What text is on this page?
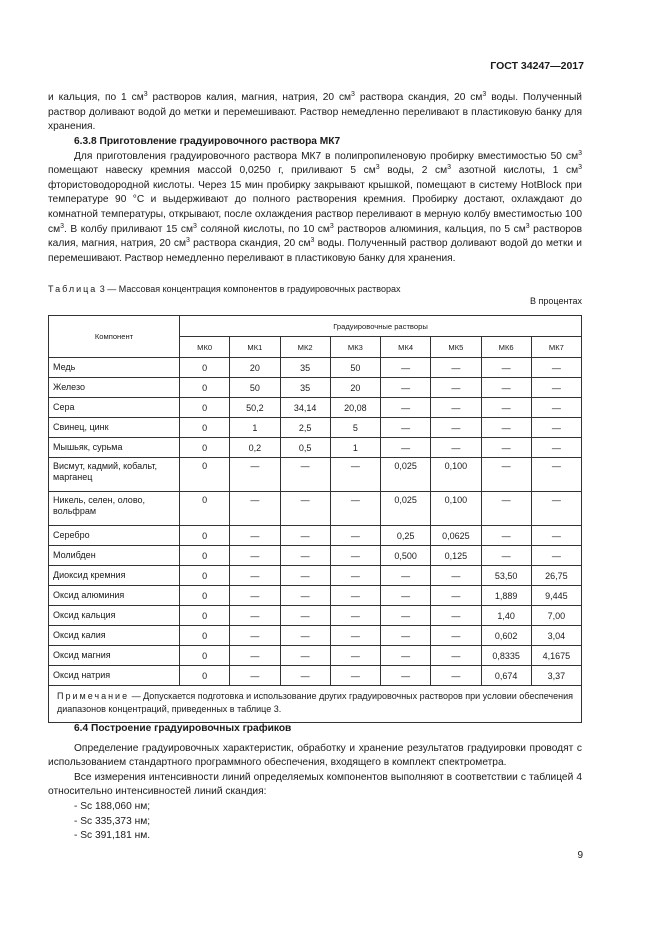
ГОСТ 34247—2017

и кальция, по 1 $см^3$ растворов калия, магния, натрия, 20 $см^3$ раствора скандия, 20 $см^3$ воды. Полученный раствор доливают водой до метки и перемешивают. Раствор немедленно переливают в пластиковую банку для хранения.

6.3.8 Приготовление градуировочного раствора МК7

Для приготовления градуировочного раствора МК7 в полипропиленовую пробирку вместимостью 50 $см^3$ помещают навеску кремния массой 0,0250 г, приливают 5 $см^3$ воды, 2 $см^3$ азотной кислоты, 1 $см^3$ фтористоводородной кислоты. Через 15 мин пробирку закрывают крышкой, помещают в систему HotBlock при температуре 90 °С и выдерживают до полного растворения кремния. Пробирку достают, охлаждают до комнатной температуры, открывают, после охлаждения раствор переливают в мерную колбу вместимостью 100 $см^3$. В колбу приливают 15 $см^3$ соляной кислоты, по 10 $см^3$ растворов алюминия, кальция, по 5 $см^3$ растворов калия, магния, натрия, 20 $см^3$ раствора скандия, 20 $см^3$ воды. Полученный раствор доливают водой до метки и перемешивают. Раствор немедленно переливают в пластиковую банку для хранения.

Таблица 3 — Массовая концентрация компонентов в градуировочных растворах
В процентах
Компонент	Градуировочные растворы							
	МК0	МК1	МК2	МК3	МК4	МК5	МК6	МК7
Медь	0	20	35	50	—	—	—	—
Железо	0	50	35	20	—	—	—	—
Сера	0	50,2	34,14	20,08	—	—	—	—
Свинец, цинк	0	1	2,5	5	—	—	—	—
Мышьяк, сурьма	0	0,2	0,5	1	—	—	—	—
Висмут, кадмий, кобальт, марганец	0	—	—	—	0,025	0,100	—	—
Никель, селен, олово, вольфрам	0	—	—	—	0,025	0,100	—	—
Серебро	0	—	—	—	0,25	0,0625	—	—
Молибден	0	—	—	—	0,500	0,125	—	—
Диоксид кремния	0	—	—	—	—	—	53,50	26,75
Оксид алюминия	0	—	—	—	—	—	1,889	9,445
Оксид кальция	0	—	—	—	—	—	1,40	7,00
Оксид калия	0	—	—	—	—	—	0,602	3,04
Оксид магния	0	—	—	—	—	—	0,8335	4,1675
Оксид натрия	0	—	—	—	—	—	0,674	3,37
Примечание — Допускается подготовка и использование других градуировочных растворов при условии обеспечения диапазонов концентраций, приведенных в таблице 3.								

6.4 Построение градуировочных графиков

Определение градуировочных характеристик, обработку и хранение результатов градуировки проводят с использованием стандартного программного обеспечения, входящего в комплект спектрометра.

Все измерения интенсивности линий определяемых компонентов выполняют в соответствии с таблицей 4 относительно интенсивностей линий скандия:

- Sc 188,060 нм;

- Sc 335,373 нм;

- Sc 391,181 нм.

9
